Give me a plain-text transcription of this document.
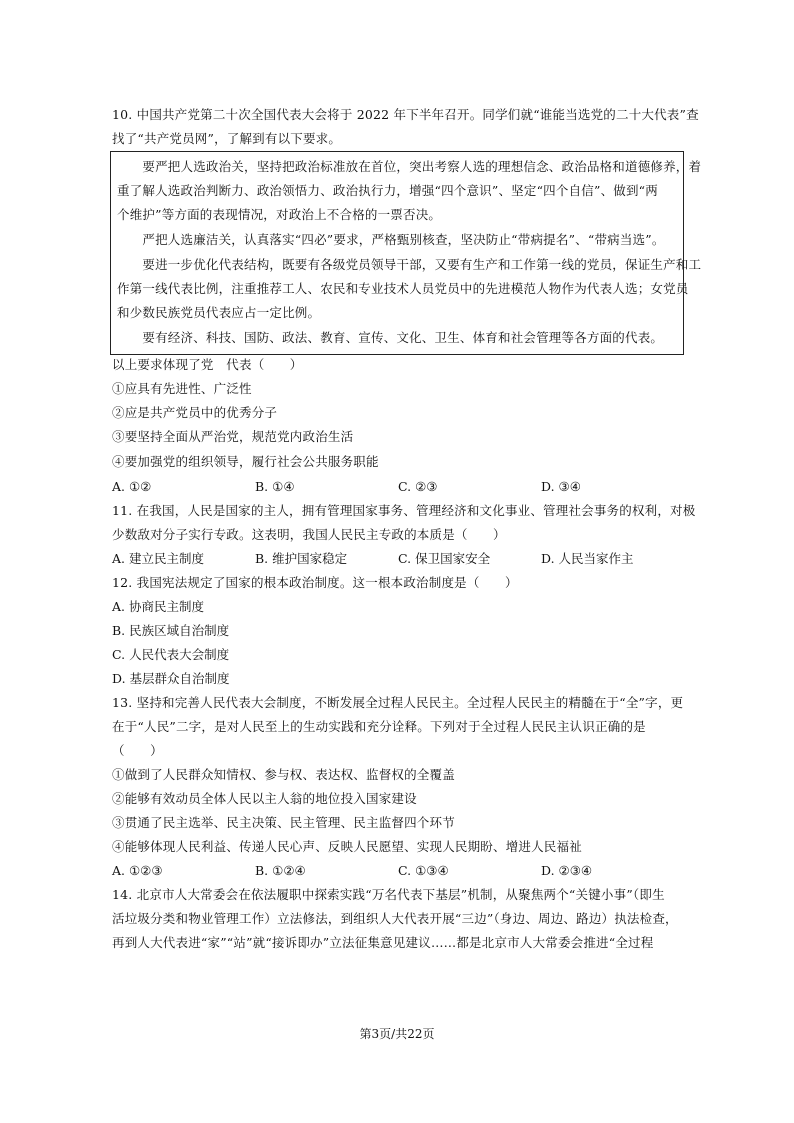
10. 中国共产党第二十次全国代表大会将于 2022 年下半年召开。同学们就“谁能当选党的二十大代表”查
找了“共产党员网”，了解到有以下要求。
　　要严把人选政治关，坚持把政治标准放在首位，突出考察人选的理想信念、政治品格和道德修养，着
重了解人选政治判断力、政治领悟力、政治执行力，增强“四个意识”、坚定“四个自信”、做到“两
个维护”等方面的表现情况，对政治上不合格的一票否决。
　　严把人选廉洁关，认真落实“四必”要求，严格甄别核查，坚决防止“带病提名”、“带病当选”。
　　要进一步优化代表结构，既要有各级党员领导干部，又要有生产和工作第一线的党员，保证生产和工
作第一线代表比例，注重推荐工人、农民和专业技术人员党员中的先进模范人物作为代表人选；女党员
和少数民族党员代表应占一定比例。
　　要有经济、科技、国防、政法、教育、宣传、文化、卫生、体育和社会管理等各方面的代表。
以上要求体现了党　代表（　　）
①应具有先进性、广泛性
②应是共产党员中的优秀分子
③要坚持全面从严治党，规范党内政治生活
④要加强党的组织领导，履行社会公共服务职能
A. ①②	B. ①④	C. ②③	D. ③④
11. 在我国，人民是国家的主人，拥有管理国家事务、管理经济和文化事业、管理社会事务的权利，对极
少数敌对分子实行专政。这表明，我国人民民主专政的本质是（　　）
A. 建立民主制度	B. 维护国家稳定	C. 保卫国家安全	D. 人民当家作主
12. 我国宪法规定了国家的根本政治制度。这一根本政治制度是（　　）
A. 协商民主制度
B. 民族区域自治制度
C. 人民代表大会制度
D. 基层群众自治制度
13. 坚持和完善人民代表大会制度，不断发展全过程人民民主。全过程人民民主的精髓在于“全”字，更
在于“人民”二字，是对人民至上的生动实践和充分诠释。下列对于全过程人民民主认识正确的是
（　　）
①做到了人民群众知情权、参与权、表达权、监督权的全覆盖
②能够有效动员全体人民以主人翁的地位投入国家建设
③贯通了民主选举、民主决策、民主管理、民主监督四个环节
④能够体现人民利益、传递人民心声、反映人民愿望、实现人民期盼、增进人民福祉
A. ①②③	B. ①②④	C. ①③④	D. ②③④
14. 北京市人大常委会在依法履职中探索实践“万名代表下基层”机制，从聚焦两个“关键小事”（即生
活垃圾分类和物业管理工作）立法修法，到组织人大代表开展“三边”（身边、周边、路边）执法检查，
再到人大代表进“家”“站”就“接诉即办”立法征集意见建议……都是北京市人大常委会推进“全过程
第3页/共22页
